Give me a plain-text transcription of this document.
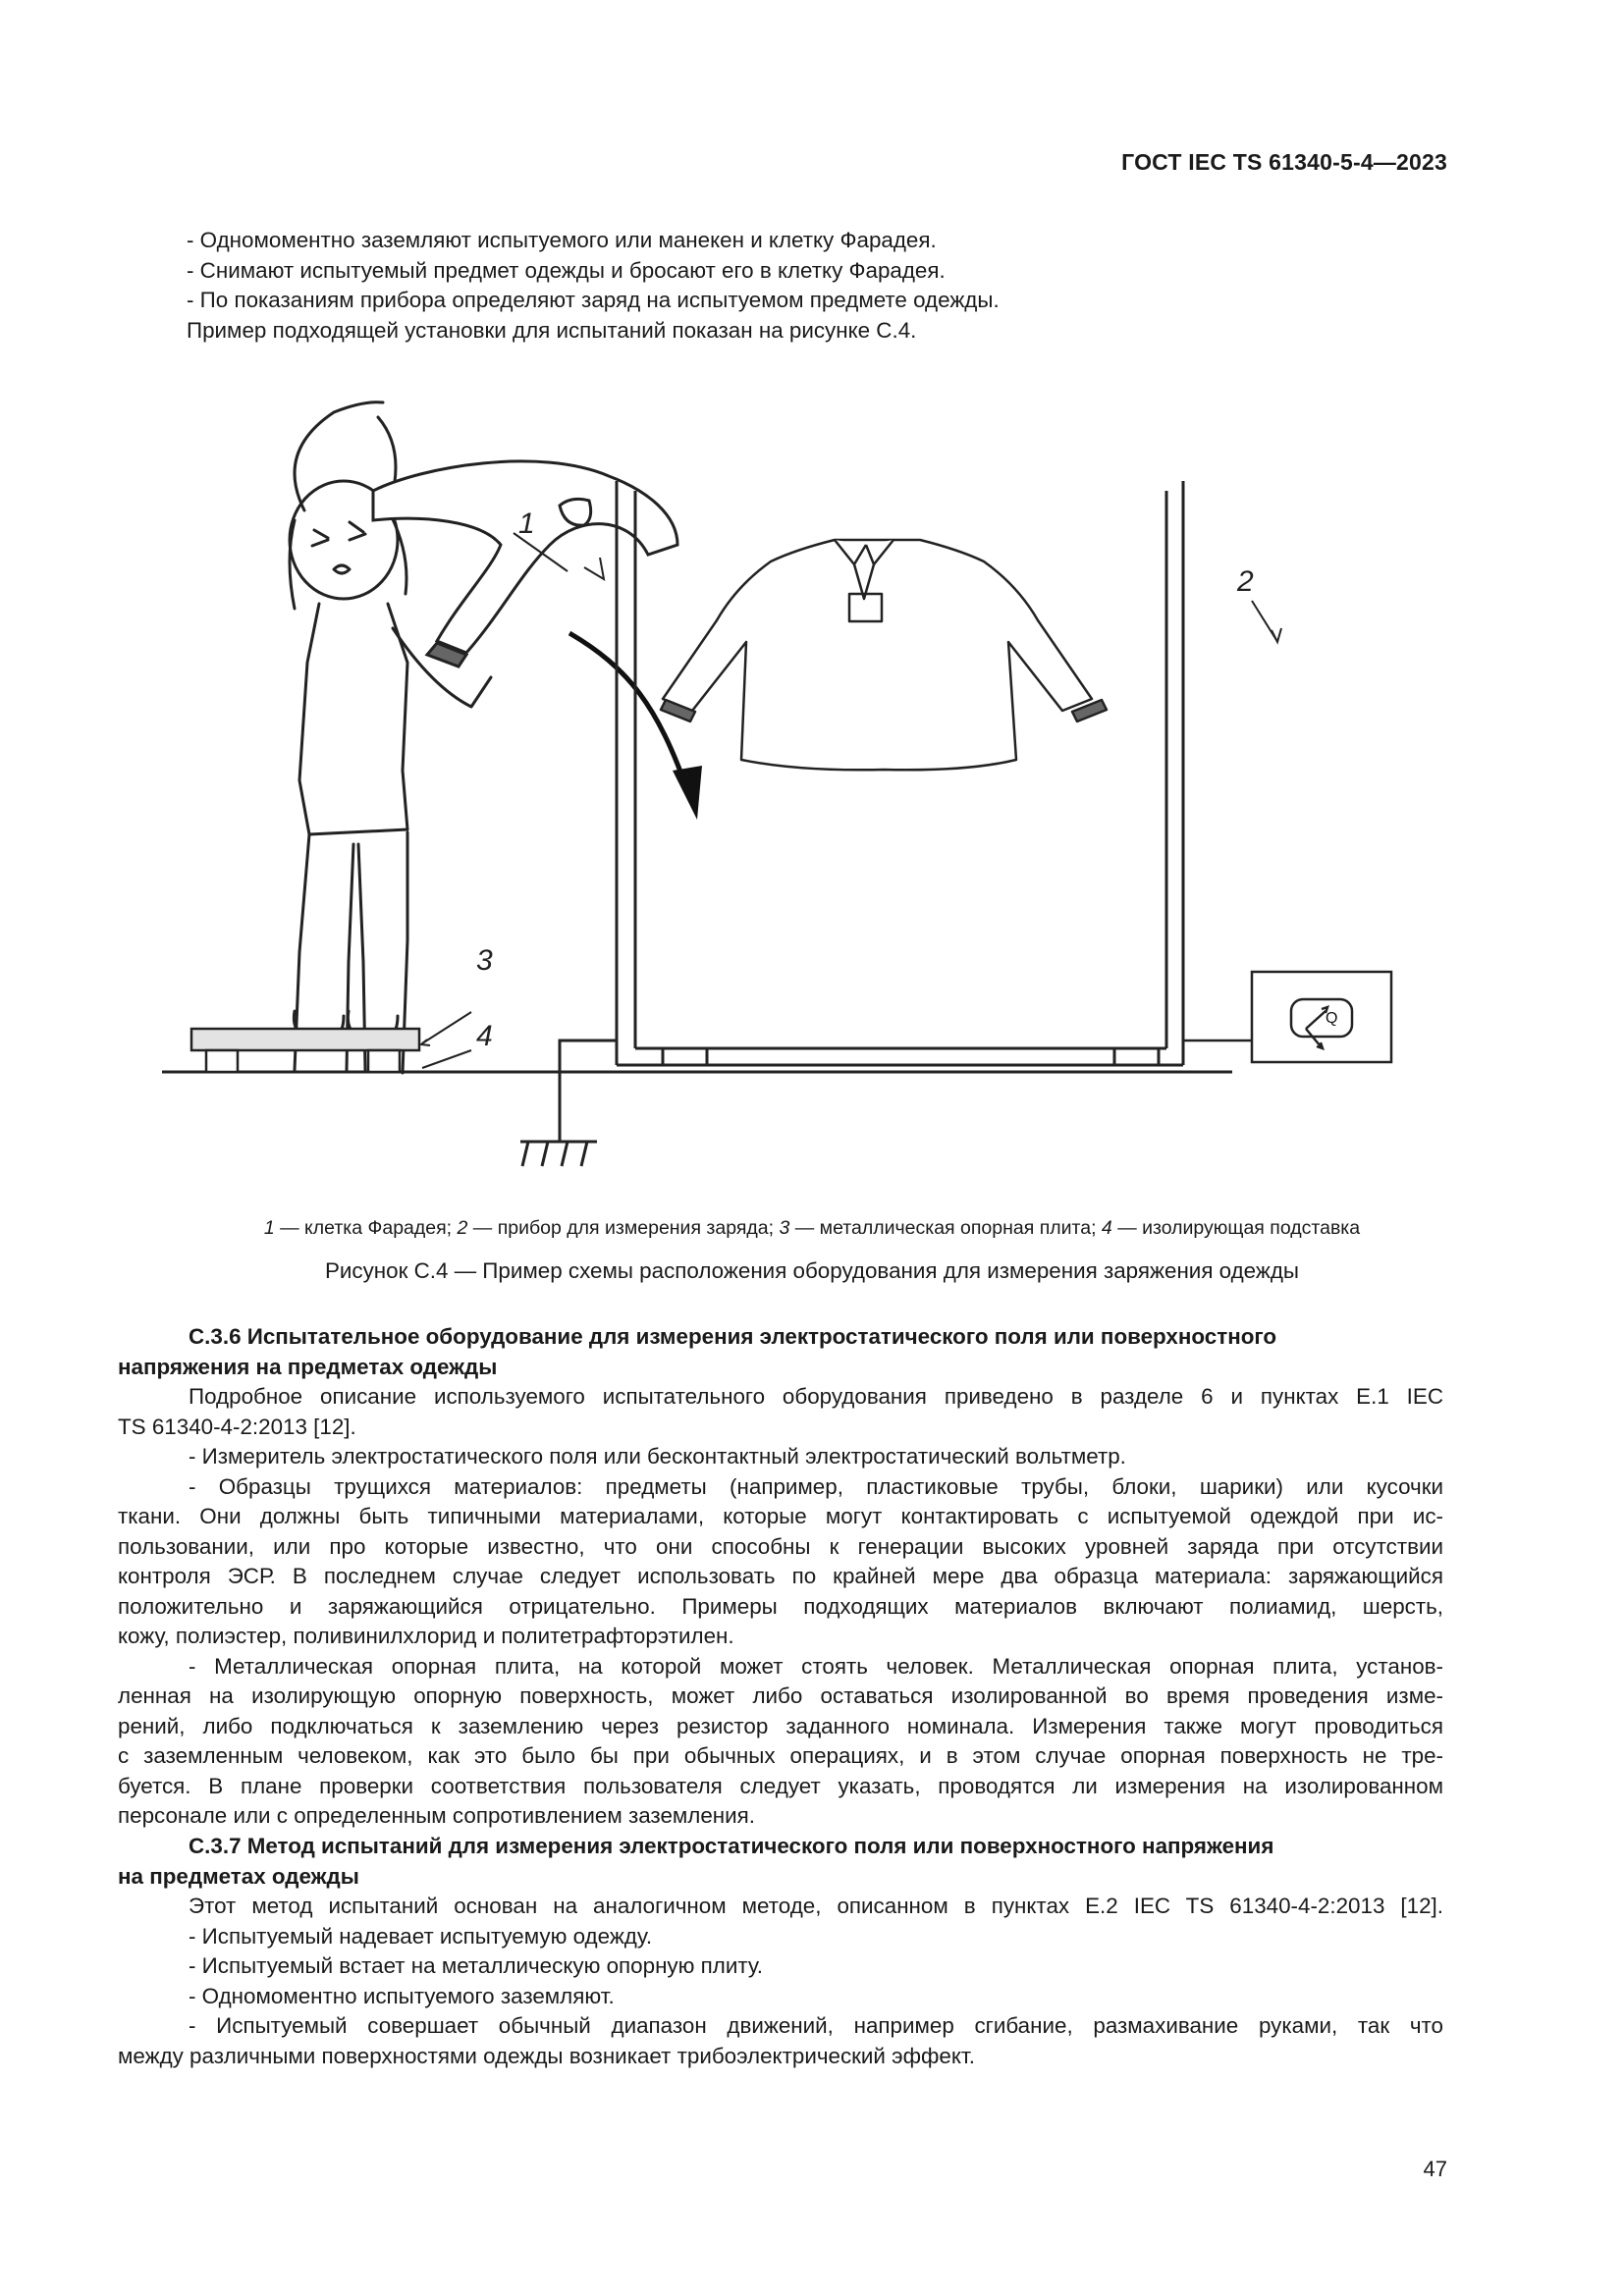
ГОСТ IEC TS 61340-5-4—2023
- Одномоментно заземляют испытуемого или манекен и клетку Фарадея.
- Снимают испытуемый предмет одежды и бросают его в клетку Фарадея.
- По показаниям прибора определяют заряд на испытуемом предмете одежды.
Пример подходящей установки для испытаний показан на рисунке С.4.
Q
1
2
3
4
1 — клетка Фарадея; 2 — прибор для измерения заряда; 3 — металлическая опорная плита; 4 — изолирующая подставка
Рисунок С.4 — Пример схемы расположения оборудования для измерения заряжения одежды
С.3.6 Испытательное оборудование для измерения электростатического поля или поверхностного
напряжения на предметах одежды
Подробное описание используемого испытательного оборудования приведено в разделе 6 и пунктах Е.1 IEC
TS 61340-4-2:2013 [12].
- Измеритель электростатического поля или бесконтактный электростатический вольтметр.
- Образцы трущихся материалов: предметы (например, пластиковые трубы, блоки, шарики) или кусочки
ткани. Они должны быть типичными материалами, которые могут контактировать с испытуемой одеждой при ис-
пользовании, или про которые известно, что они способны к генерации высоких уровней заряда при отсутствии
контроля ЭСР. В последнем случае следует использовать по крайней мере два образца материала: заряжающийся
положительно и заряжающийся отрицательно. Примеры подходящих материалов включают полиамид, шерсть,
кожу, полиэстер, поливинилхлорид и политетрафторэтилен.
- Металлическая опорная плита, на которой может стоять человек. Металлическая опорная плита, установ-
ленная на изолирующую опорную поверхность, может либо оставаться изолированной во время проведения изме-
рений, либо подключаться к заземлению через резистор заданного номинала. Измерения также могут проводиться
с заземленным человеком, как это было бы при обычных операциях, и в этом случае опорная поверхность не тре-
буется. В плане проверки соответствия пользователя следует указать, проводятся ли измерения на изолированном
персонале или с определенным сопротивлением заземления.
С.3.7 Метод испытаний для измерения электростатического поля или поверхностного напряжения
на предметах одежды
Этот метод испытаний основан на аналогичном методе, описанном в пунктах Е.2 IEC TS 61340-4-2:2013 [12].
- Испытуемый надевает испытуемую одежду.
- Испытуемый встает на металлическую опорную плиту.
- Одномоментно испытуемого заземляют.
- Испытуемый совершает обычный диапазон движений, например сгибание, размахивание руками, так что
между различными поверхностями одежды возникает трибоэлектрический эффект.
47
